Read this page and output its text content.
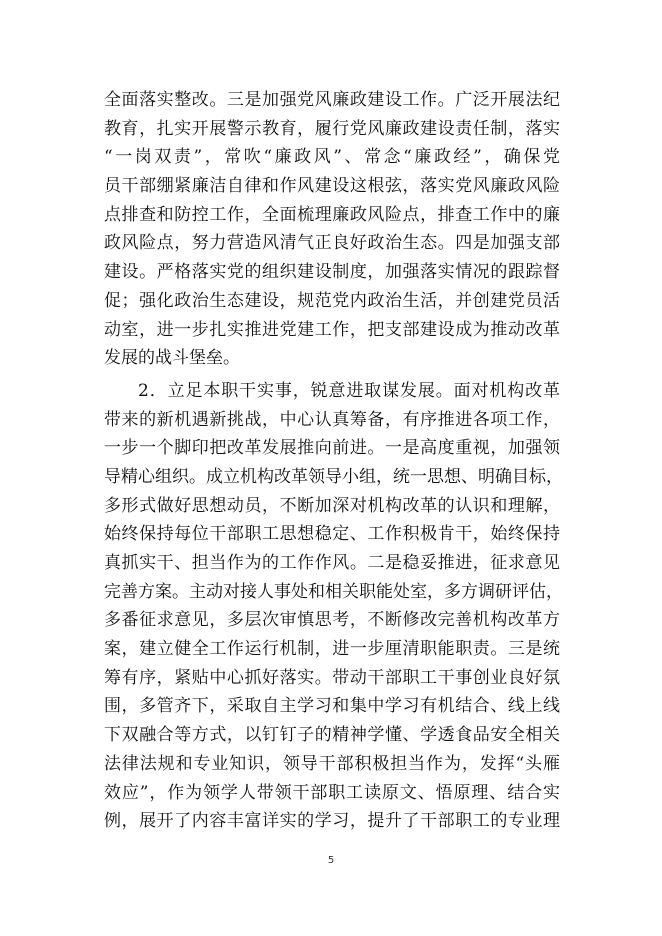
全面落实整改。三是加强党风廉政建设工作。广泛开展法纪
教育，扎实开展警示教育，履行党风廉政建设责任制，落实
“一岗双责”，常吹“廉政风”、常念“廉政经”，确保党
员干部绷紧廉洁自律和作风建设这根弦，落实党风廉政风险
点排查和防控工作，全面梳理廉政风险点，排查工作中的廉
政风险点，努力营造风清气正良好政治生态。四是加强支部
建设。严格落实党的组织建设制度，加强落实情况的跟踪督
促；强化政治生态建设，规范党内政治生活，并创建党员活
动室，进一步扎实推进党建工作，把支部建设成为推动改革
发展的战斗堡垒。
2．立足本职干实事，锐意进取谋发展。面对机构改革
带来的新机遇新挑战，中心认真筹备，有序推进各项工作，
一步一个脚印把改革发展推向前进。一是高度重视，加强领
导精心组织。成立机构改革领导小组，统一思想、明确目标，
多形式做好思想动员，不断加深对机构改革的认识和理解，
始终保持每位干部职工思想稳定、工作积极肯干，始终保持
真抓实干、担当作为的工作作风。二是稳妥推进，征求意见
完善方案。主动对接人事处和相关职能处室，多方调研评估，
多番征求意见，多层次审慎思考，不断修改完善机构改革方
案，建立健全工作运行机制，进一步厘清职能职责。三是统
筹有序，紧贴中心抓好落实。带动干部职工干事创业良好氛
围，多管齐下，采取自主学习和集中学习有机结合、线上线
下双融合等方式，以钉钉子的精神学懂、学透食品安全相关
法律法规和专业知识，领导干部积极担当作为，发挥“头雁
效应”，作为领学人带领干部职工读原文、悟原理、结合实
例，展开了内容丰富详实的学习，提升了干部职工的专业理
5
